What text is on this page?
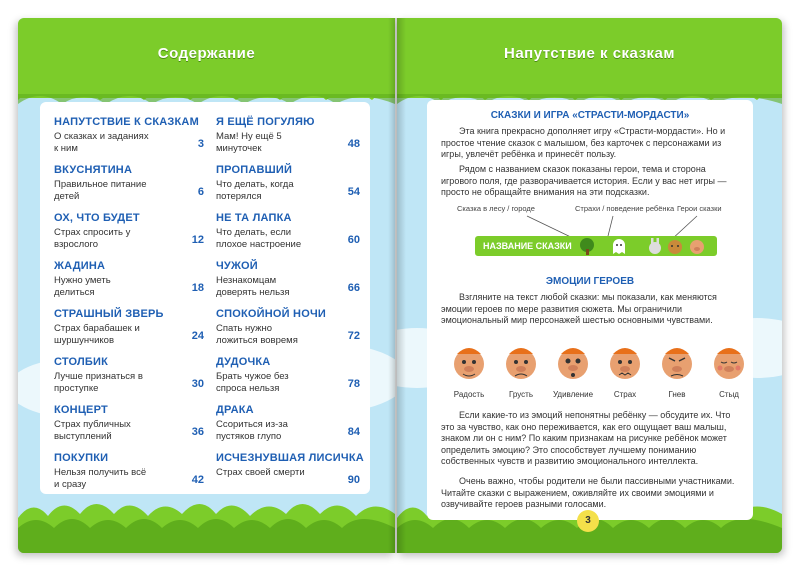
Содержание
НАПУТСТВИЕ К СКАЗКАМ
О сказках и заданиях к ним	3
ВКУСНЯТИНА
Правильное питание детей	6
ОХ, ЧТО БУДЕТ
Страх спросить у взрослого	12
ЖАДИНА
Нужно уметь делиться	18
СТРАШНЫЙ ЗВЕРЬ
Страх барабашек и шуршунчиков	24
СТОЛБИК
Лучше признаться в проступке	30
КОНЦЕРТ
Страх публичных выступлений	36
ПОКУПКИ
Нельзя получить всё и сразу	42
Я ЕЩЁ ПОГУЛЯЮ
Мам! Ну ещё 5 минуточек	48
ПРОПАВШИЙ
Что делать, когда потерялся	54
НЕ ТА ЛАПКА
Что делать, если плохое настроение	60
ЧУЖОЙ
Незнакомцам доверять нельзя	66
СПОКОЙНОЙ НОЧИ
Спать нужно ложиться вовремя	72
ДУДОЧКА
Брать чужое без спроса нельзя	78
ДРАКА
Ссориться из-за пустяков глупо	84
ИСЧЕЗНУВШАЯ ЛИСИЧКА
Страх своей смерти
90
Напутствие к сказкам
СКАЗКИ И ИГРА «СТРАСТИ-МОРДАСТИ»
Эта книга прекрасно дополняет игру «Страсти-мордасти». Но и простое чтение сказок с малышом, без карточек с персонажами из игры, увлечёт ребёнка и принесёт пользу.
Рядом с названием сказок показаны герои, тема и сторона игрового поля, где разворачивается история. Если у вас нет игры — просто не обращайте внимания на эти подсказки.
Сказка в лесу / городе	Страхи / поведение ребёнка Герои сказки
НАЗВАНИЕ СКАЗКИ
ЭМОЦИИ ГЕРОЕВ
Взгляните на текст любой сказки: мы показали, как меняются эмоции героев по мере развития сюжета. Мы ограничили эмоциональный мир персонажей шестью основными чувствами.
Радость	Грусть	Удивление	Страх	Гнев	Стыд
Если какие-то из эмоций непонятны ребёнку — обсудите их. Что это за чувство, как оно переживается, как его ощущает ваш малыш, знаком ли он с ним? По каким признакам на рисунке ребёнок может определить эмоцию? Это способствует лучшему пониманию собственных чувств и развитию эмоционального интеллекта.
Очень важно, чтобы родители не были пассивными участниками. Читайте сказки с выражением, оживляйте их своими эмоциями и озвучивайте героев разными голосами.
3
